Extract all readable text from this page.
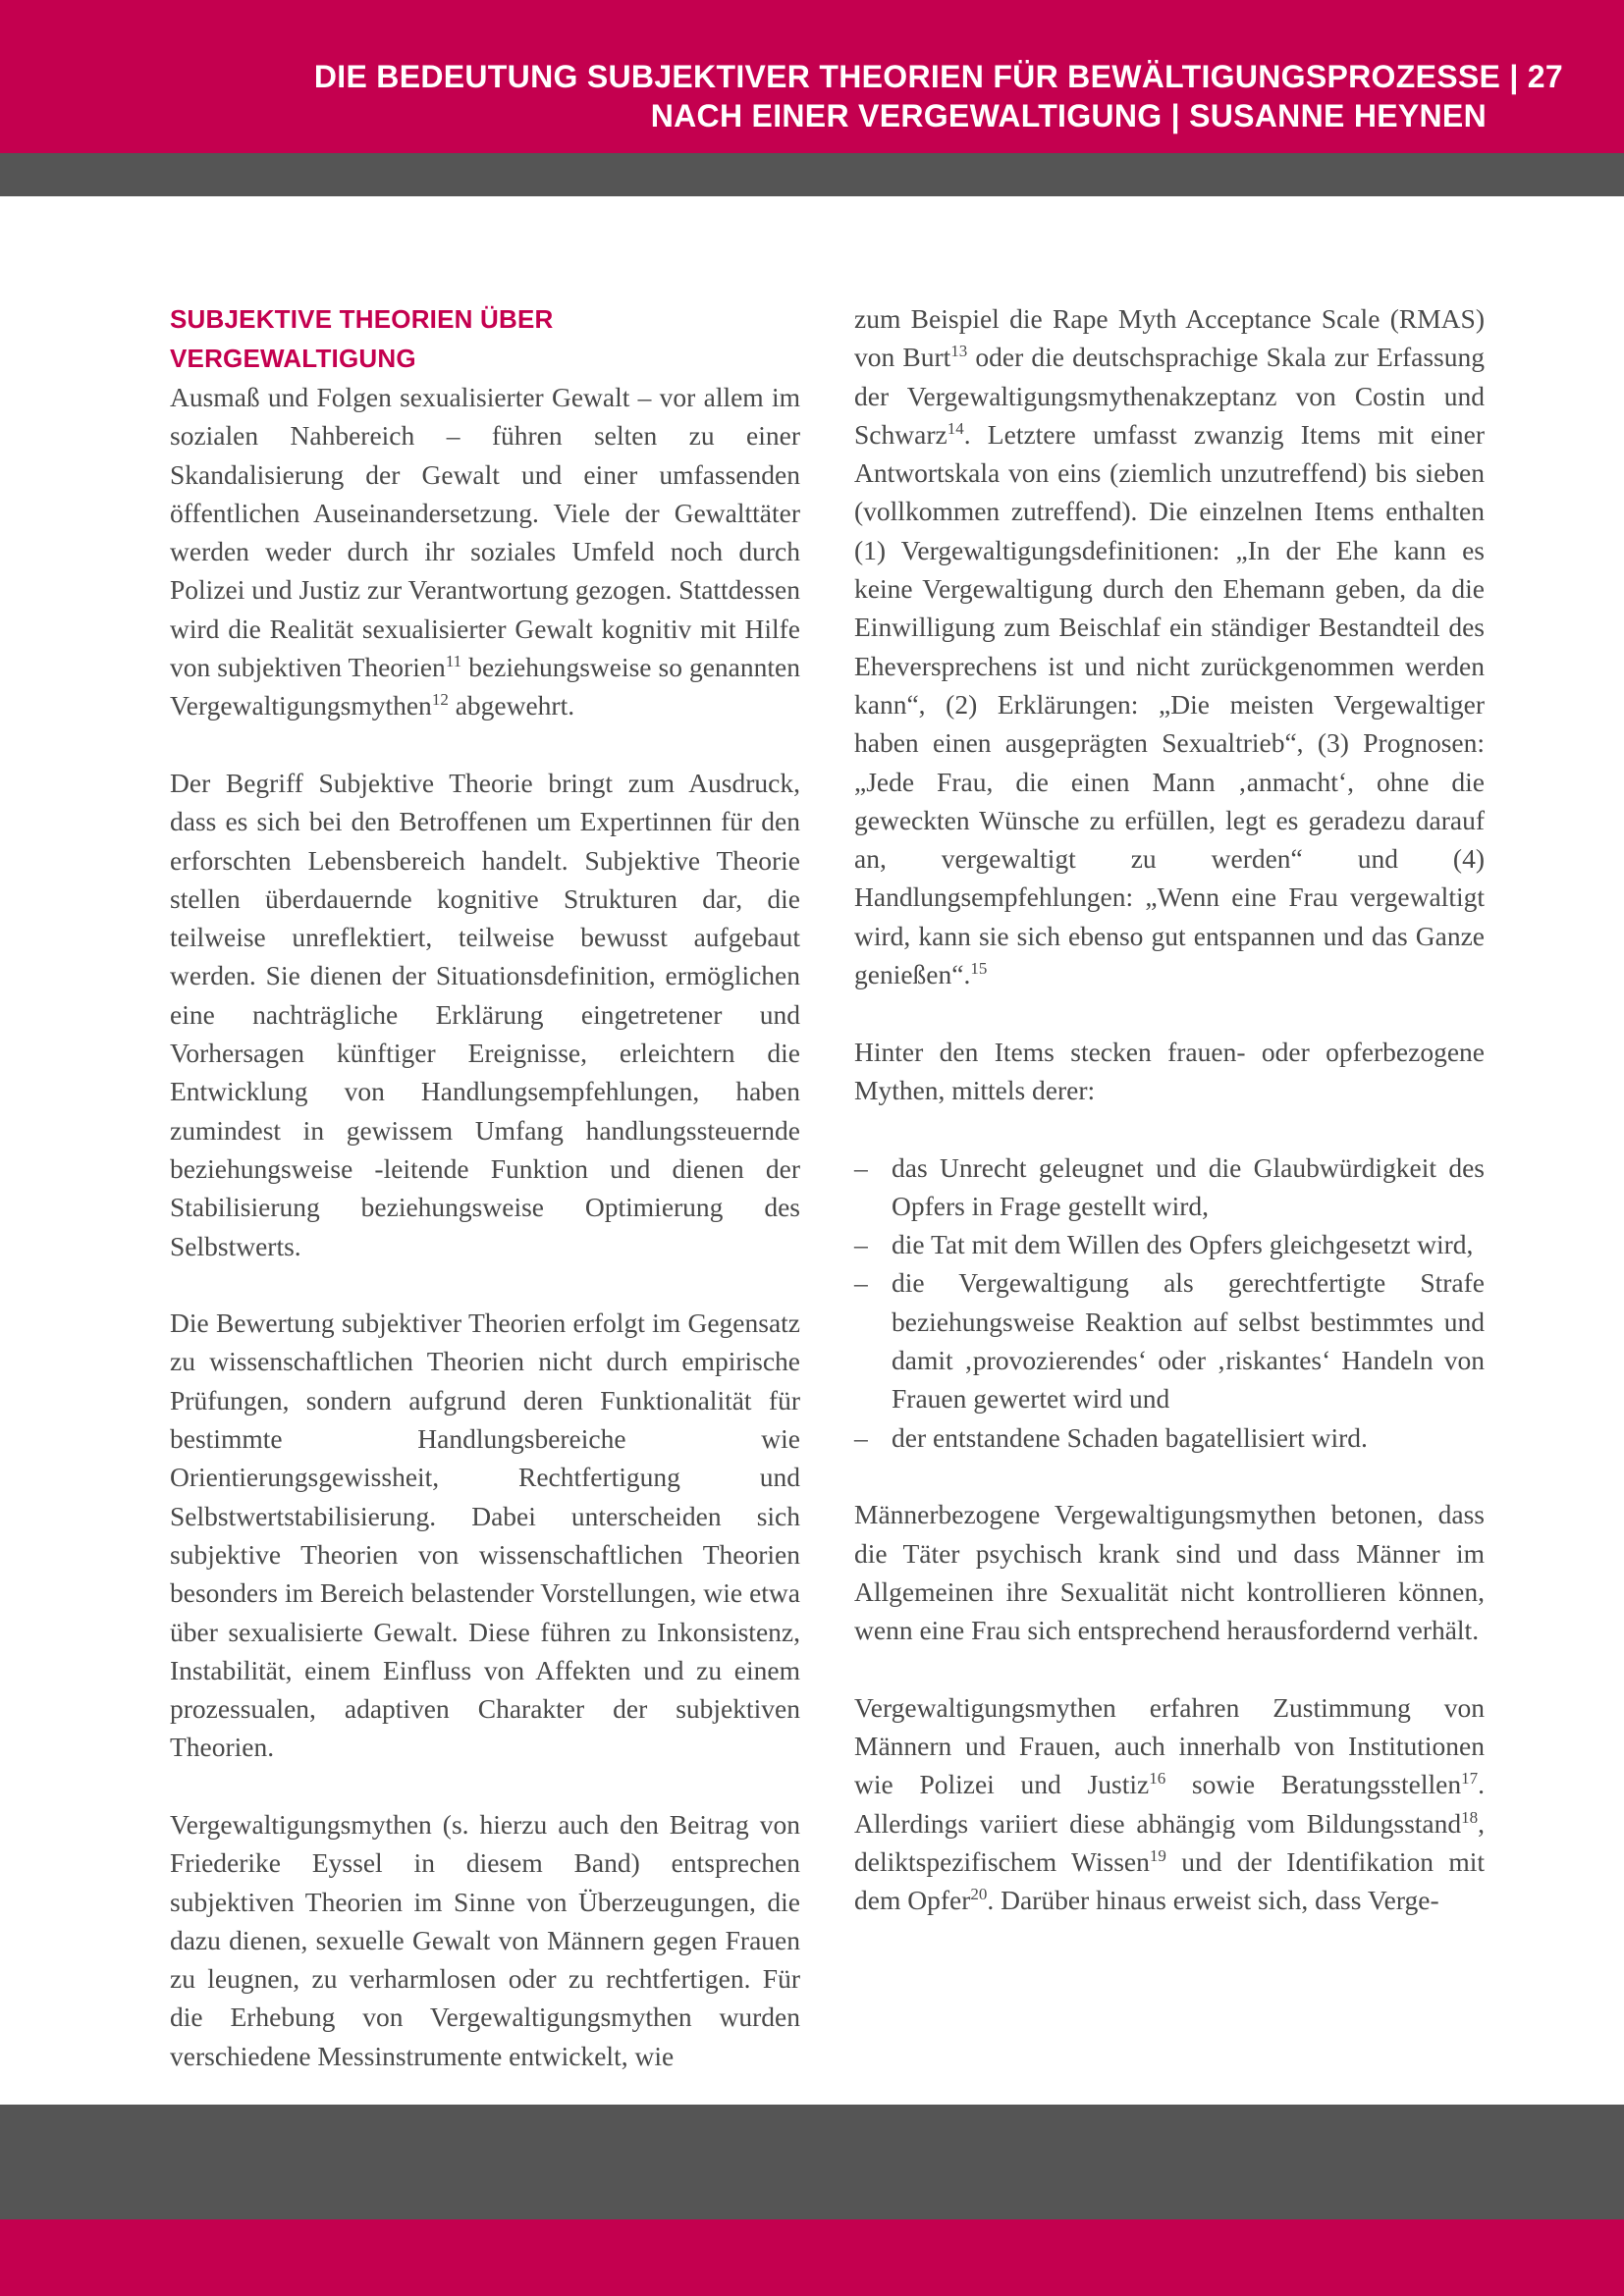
DIE BEDEUTUNG SUBJEKTIVER THEORIEN FÜR BEWÄLTIGUNGSPROZESSE | 27
NACH EINER VERGEWALTIGUNG | SUSANNE HEYNEN
SUBJEKTIVE THEORIEN ÜBER VERGEWALTIGUNG

Ausmaß und Folgen sexualisierter Gewalt – vor allem im sozialen Nahbereich – führen selten zu einer Skandalisierung der Gewalt und einer umfassenden öffentlichen Auseinandersetzung. Viele der Gewalttäter werden weder durch ihr soziales Umfeld noch durch Polizei und Justiz zur Verantwortung gezogen. Stattdessen wird die Realität sexualisierter Gewalt kognitiv mit Hilfe von subjektiven Theorien$^{11}$ beziehungsweise so genannten Vergewaltigungsmythen$^{12}$ abgewehrt.

Der Begriff Subjektive Theorie bringt zum Ausdruck, dass es sich bei den Betroffenen um Expertinnen für den erforschten Lebensbereich handelt. Subjektive Theorie stellen überdauernde kognitive Strukturen dar, die teilweise unreflektiert, teilweise bewusst aufgebaut werden. Sie dienen der Situationsdefinition, ermöglichen eine nachträgliche Erklärung eingetretener und Vorhersagen künftiger Ereignisse, erleichtern die Entwicklung von Handlungsempfehlungen, haben zumindest in gewissem Umfang handlungssteuernde beziehungsweise -leitende Funktion und dienen der Stabilisierung beziehungsweise Optimierung des Selbstwerts.

Die Bewertung subjektiver Theorien erfolgt im Gegensatz zu wissenschaftlichen Theorien nicht durch empirische Prüfungen, sondern aufgrund deren Funktionalität für bestimmte Handlungsbereiche wie Orientierungsgewissheit, Rechtfertigung und Selbstwertstabilisierung. Dabei unterscheiden sich subjektive Theorien von wissenschaftlichen Theorien besonders im Bereich belastender Vorstellungen, wie etwa über sexualisierte Gewalt. Diese führen zu Inkonsistenz, Instabilität, einem Einfluss von Affekten und zu einem prozessualen, adaptiven Charakter der subjektiven Theorien.

Vergewaltigungsmythen (s. hierzu auch den Beitrag von Friederike Eyssel in diesem Band) entsprechen subjektiven Theorien im Sinne von Überzeugungen, die dazu dienen, sexuelle Gewalt von Männern gegen Frauen zu leugnen, zu verharmlosen oder zu rechtfertigen. Für die Erhebung von Vergewaltigungsmythen wurden verschiedene Messinstrumente entwickelt, wie

zum Beispiel die Rape Myth Acceptance Scale (RMAS) von Burt$^{13}$ oder die deutschsprachige Skala zur Erfassung der Vergewaltigungsmythenakzeptanz von Costin und Schwarz$^{14}$. Letztere umfasst zwanzig Items mit einer Antwortskala von eins (ziemlich unzutreffend) bis sieben (vollkommen zutreffend). Die einzelnen Items enthalten (1) Vergewaltigungsdefinitionen: „In der Ehe kann es keine Vergewaltigung durch den Ehemann geben, da die Einwilligung zum Beischlaf ein ständiger Bestandteil des Eheversprechens ist und nicht zurückgenommen werden kann“, (2) Erklärungen: „Die meisten Vergewaltiger haben einen ausgeprägten Sexualtrieb“, (3) Prognosen: „Jede Frau, die einen Mann ‚anmacht‘, ohne die geweckten Wünsche zu erfüllen, legt es geradezu darauf an, vergewaltigt zu werden“ und (4) Handlungsempfehlungen: „Wenn eine Frau vergewaltigt wird, kann sie sich ebenso gut entspannen und das Ganze genießen“.$^{15}$

Hinter den Items stecken frauen- oder opferbezogene Mythen, mittels derer:

– das Unrecht geleugnet und die Glaubwürdigkeit des Opfers in Frage gestellt wird,
– die Tat mit dem Willen des Opfers gleichgesetzt wird,
– die Vergewaltigung als gerechtfertigte Strafe beziehungsweise Reaktion auf selbst bestimmtes und damit ‚provozierendes‘ oder ‚riskantes‘ Handeln von Frauen gewertet wird und
– der entstandene Schaden bagatellisiert wird.

Männerbezogene Vergewaltigungsmythen betonen, dass die Täter psychisch krank sind und dass Männer im Allgemeinen ihre Sexualität nicht kontrollieren können, wenn eine Frau sich entsprechend herausfordernd verhält.

Vergewaltigungsmythen erfahren Zustimmung von Männern und Frauen, auch innerhalb von Institutionen wie Polizei und Justiz$^{16}$ sowie Beratungsstellen$^{17}$. Allerdings variiert diese abhängig vom Bildungsstand$^{18}$, deliktspezifischem Wissen$^{19}$ und der Identifikation mit dem Opfer$^{20}$. Darüber hinaus erweist sich, dass Verge-
